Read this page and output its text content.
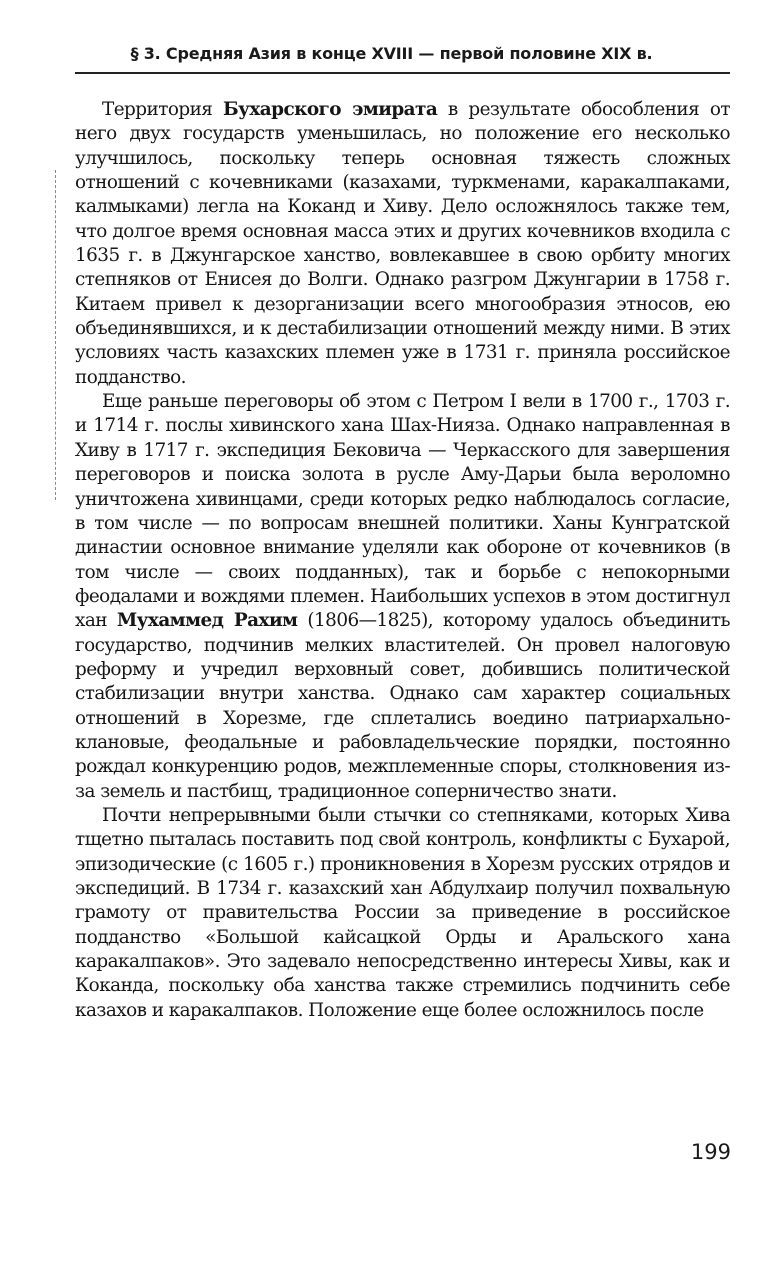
§ 3. Средняя Азия в конце XVIII — первой половине XIX в.

Территория Бухарского эмирата в результате обособления от него двух государств уменьшилась, но положение его несколько улучшилось, поскольку теперь основная тяжесть сложных отношений с кочевниками (казахами, туркменами, каракалпаками, калмыками) легла на Коканд и Хиву. Дело осложнялось также тем, что долгое время основная масса этих и других кочевников входила с 1635 г. в Джунгарское ханство, вовлекавшее в свою орбиту многих степняков от Енисея до Волги. Однако разгром Джунгарии в 1758 г. Китаем привел к дезорганизации всего многообразия этносов, ею объединявшихся, и к дестабилизации отношений между ними. В этих условиях часть казахских племен уже в 1731 г. приняла российское подданство.

Еще раньше переговоры об этом с Петром I вели в 1700 г., 1703 г. и 1714 г. послы хивинского хана Шах-Нияза. Однако направленная в Хиву в 1717 г. экспедиция Бековича — Черкасского для завершения переговоров и поиска золота в русле Аму-Дарьи была вероломно уничтожена хивинцами, среди которых редко наблюдалось согласие, в том числе — по вопросам внешней политики. Ханы Кунгратской династии основное внимание уделяли как обороне от кочевников (в том числе — своих подданных), так и борьбе с непокорными феодалами и вождями племен. Наибольших успехов в этом достигнул хан Мухаммед Рахим (1806—1825), которому удалось объединить государство, подчинив мелких властителей. Он провел налоговую реформу и учредил верховный совет, добившись политической стабилизации внутри ханства. Однако сам характер социальных отношений в Хорезме, где сплетались воедино патриархально-клановые, феодальные и рабовладельческие порядки, постоянно рождал конкуренцию родов, межплеменные споры, столкновения из-за земель и пастбищ, традиционное соперничество знати.

Почти непрерывными были стычки со степняками, которых Хива тщетно пыталась поставить под свой контроль, конфликты с Бухарой, эпизодические (с 1605 г.) проникновения в Хорезм русских отрядов и экспедиций. В 1734 г. казахский хан Абдулхаир получил похвальную грамоту от правительства России за приведение в российское подданство «Большой кайсацкой Орды и Аральского хана каракалпаков». Это задевало непосредственно интересы Хивы, как и Коканда, поскольку оба ханства также стремились подчинить себе казахов и каракалпаков. Положение еще более осложнилось после

199
